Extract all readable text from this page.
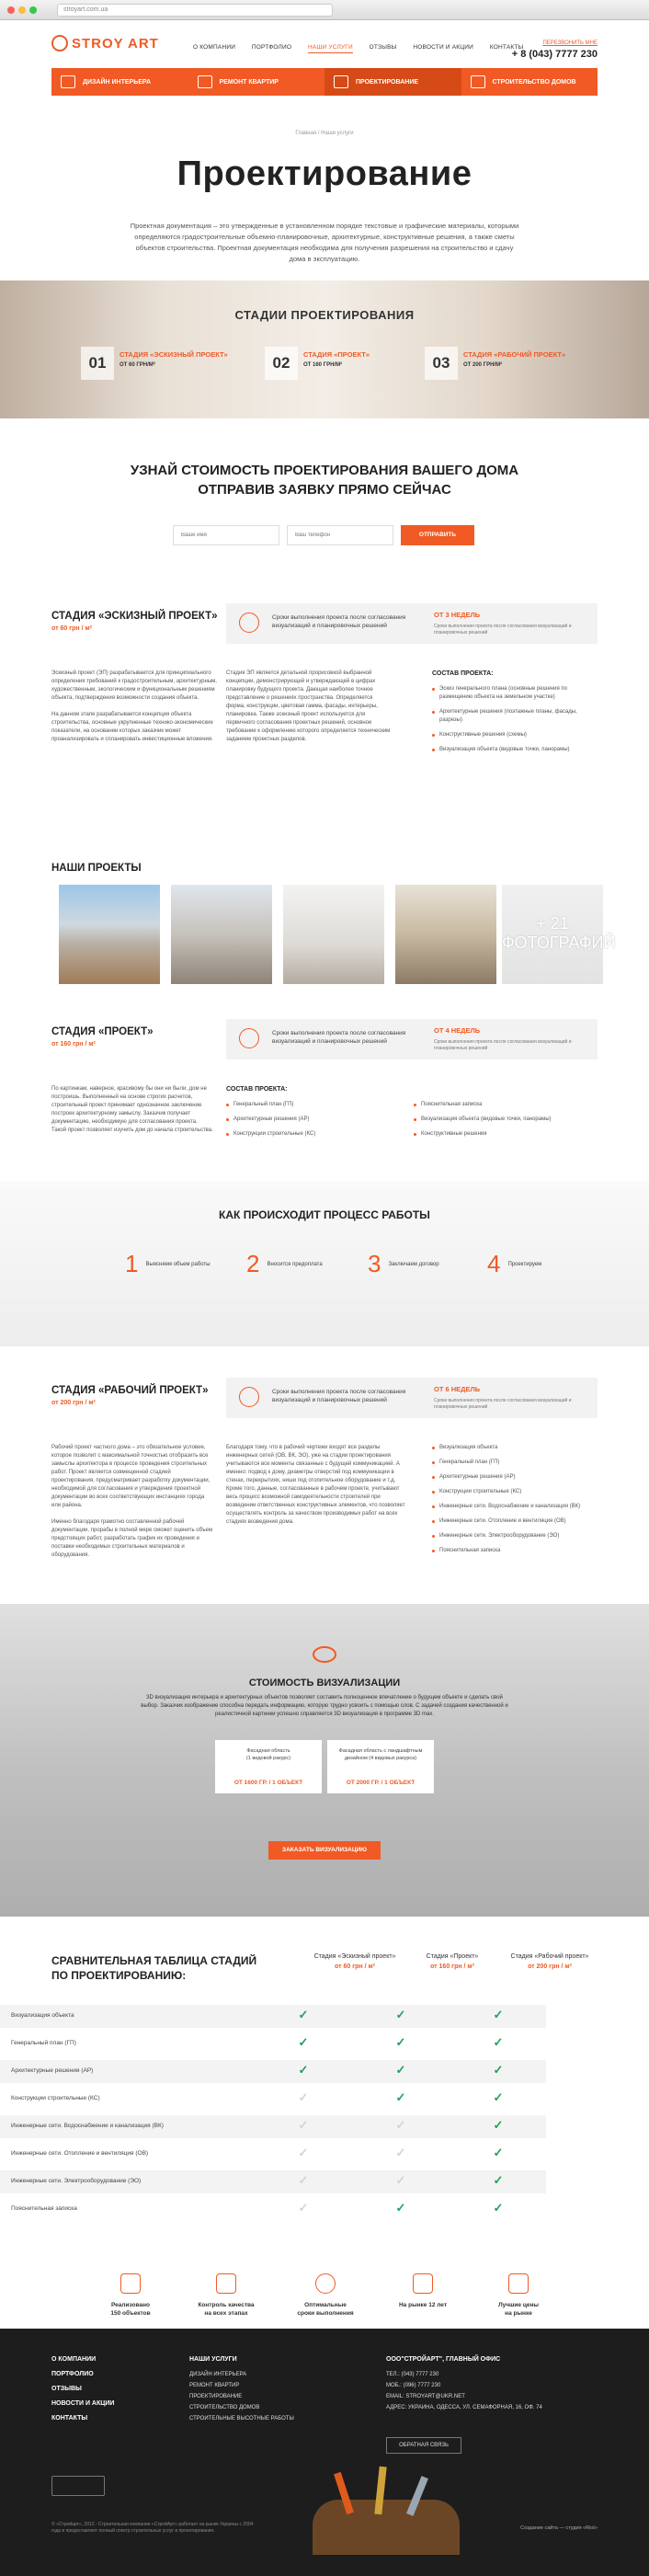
stroyart.com.ua
STROY ART	О КОМПАНИИ	ПОРТФОЛИО	НАШИ УСЛУГИ	ОТЗЫВЫ	НОВОСТИ И АКЦИИ	КОНТАКТЫ
ПЕРЕЗВОНИТЬ МНЕ
+ 8 (043) 7777 230
ДИЗАЙН ИНТЕРЬЕРА	РЕМОНТ КВАРТИР	ПРОЕКТИРОВАНИЕ	СТРОИТЕЛЬСТВО ДОМОВ
Главная / Наши услуги
Проектирование
Проектная документация – это утвержденные в установленном порядке текстовые и графические материалы, которыми определяются градостроительные объемно-планировочные, архитектурные, конструктивные решения, а также сметы объектов строительства. Проектная документация необходима для получения разрешения на строительство и сдачу дома в эксплуатацию.
СТАДИИ ПРОЕКТИРОВАНИЯ
01	СТАДИЯ «ЭСКИЗНЫЙ ПРОЕКТ»
ОТ 60 ГРН/М²	02	СТАДИЯ «ПРОЕКТ»
ОТ 160 ГРН/М²	03	СТАДИЯ «РАБОЧИЙ ПРОЕКТ»
ОТ 200 ГРН/М²
УЗНАЙ СТОИМОСТЬ ПРОЕКТИРОВАНИЯ ВАШЕГО ДОМА
ОТПРАВИВ ЗАЯВКУ ПРЯМО СЕЙЧАС
Ваше имя
Ваш телефон
ОТПРАВИТЬ
СТАДИЯ «ЭСКИЗНЫЙ ПРОЕКТ»
от 60 грн / м²
Сроки выполнения проекта после согласования визуализаций и планировочных решений
ОТ 3 НЕДЕЛЬ
Сроки выполнения проекта после согласования визуализаций и планировочных решений

Эскизный проект (ЭП) разрабатывается для принципиального определения требований к градостроительным, архитектурным, художественным, экологическим и функциональным решениям объекта, подтверждения возможности создания объекта.

На данном этапе разрабатывается концепция объекта строительства, основные укрупненные технико-экономические показатели, на основании которых заказчик может проанализировать и спланировать инвестиционные вложения.

Стадия ЭП является детальной прорисовкой выбранной концепции, демонстрирующей и утверждающей в цифрах планировку будущего проекта. Дающая наиболее точное представление о решениях пространства. Определяется форма, конструкции, цветовая гамма, фасады, интерьеры, планировка. Также эскизный проект используется для первичного согласования проектных решений, основное требование к оформлению которого определяется техническим заданием проектных разделов.

СОСТАВ ПРОЕКТА:
Эскиз генерального плана (основные решения по размещению объекта на земельном участке)
Архитектурные решения (поэтажные планы, фасады, разрезы)
Конструктивные решения (схемы)
Визуализация объекта (видовые точки, панорамы)
НАШИ ПРОЕКТЫ
+ 21
ФОТОГРАФИЙ
СТАДИЯ «ПРОЕКТ»
от 160 грн / м²
Сроки выполнения проекта после согласования визуализаций и планировочных решений
ОТ 4 НЕДЕЛЬ
Сроки выполнения проекта после согласования визуализаций и планировочных решений

По картинкам, наверное, красивому бы они ни были, дом не построишь. Выполненный на основе строгих расчетов, строительный проект принимает однозначное заключение построек архитектурному замыслу. Заказчик получает документацию, необходимую для согласования проекта. Такой проект позволяет изучить дом до начала строительства.

СОСТАВ ПРОЕКТА:
Генеральный план (ГП)
Архитектурные решения (АР)
Конструкции строительные (КС)
Пояснительная записка
Визуализация объекта (видовые точки, панорамы)
Конструктивные решения
КАК ПРОИСХОДИТ ПРОЦЕСС РАБОТЫ
1 Выясняем объем работы	2 Вносится предоплата	3 Заключаем договор	4 Проектируем
СТАДИЯ «РАБОЧИЙ ПРОЕКТ»
от 200 грн / м²
Сроки выполнения проекта после согласования визуализаций и планировочных решений
ОТ 6 НЕДЕЛЬ
Сроки выполнения проекта после согласования визуализаций и планировочных решений

Рабочий проект частного дома – это обязательное условие, которое позволит с максимальной точностью отобразить все замыслы архитектора в процессе проведения строительных работ. Проект является совмещенной стадией проектирования, предусматривает разработку документации, необходимой для согласования и утверждения проектной документации во всех соответствующих инстанциях города или района.

Именно благодаря грамотно составленной рабочей документации, прорабы в полной мере сможет оценить объем предстоящих работ, разработать график их проведения и поставки необходимых строительных материалов и оборудования.

Благодаря тому, что в рабочий чертежи входят все разделы инженерных сетей (ОВ, ВК, ЭО), уже на стадии проектирования учитываются все моменты связанные с будущей коммуникацией. А именно: подвод к дому, диаметры отверстий под коммуникации в стенах, перекрытиях, ниши под отопительное оборудование и т.д. Кроме того, данные, согласованные в рабочем проекте, учитывают весь процесс возможной самодеятельности строителей при возведении ответственных конструктивных элементов, что позволяет осуществлять контроль за качеством производимых работ на всех стадиях возведения дома.

Визуализация объекта
Генеральный план (ГП)
Архитектурные решения (АР)
Конструкции строительные (КС)
Инженерные сети. Водоснабжение и канализация (ВК)
Инженерные сети. Отопление и вентиляция (ОВ)
Инженерные сети. Электрооборудование (ЭО)
Пояснительная записка
СТОИМОСТЬ ВИЗУАЛИЗАЦИИ
3D визуализация интерьера и архитектурных объектов позволяет составить полноценное впечатление о будущем объекте и сделать свой выбор. Заказчик изображение способна передать информацию, которую трудно усвоить с помощью слов. С задачей создания качественной и реалистичной картинки успешно справляется 3D визуализация в программе 3D max.
Фасадная область
(1 видовой ракурс)
ОТ 1600 ГР. / 1 ОБЪЕКТ
Фасадная область с ландшафтным
дизайном (4 видовых ракурса)
ОТ 2000 ГР. / 1 ОБЪЕКТ
ЗАКАЗАТЬ ВИЗУАЛИЗАЦИЮ
СРАВНИТЕЛЬНАЯ ТАБЛИЦА СТАДИЙ ПО ПРОЕКТИРОВАНИЮ:
Стадия «Эскизный проект»
от 60 грн / м²
Стадия «Проект»
от 160 грн / м²
Стадия «Рабочий проект»
от 200 грн / м²
Визуализация объекта	✓	✓	✓
Генеральный план (ГП)	✓	✓	✓
Архитектурные решения (АР)	✓	✓	✓
Конструкции строительные (КС)	✓	✓	✓
Инженерные сети. Водоснабжение и канализация (ВК)	✓	✓	✓
Инженерные сети. Отопление и вентиляция (ОВ)	✓	✓	✓
Инженерные сети. Электрооборудование (ЭО)	✓	✓	✓
Пояснительная записка	✓	✓	✓
Реализовано
150 объектов
Контроль качества
на всех этапах
Оптимальные
сроки выполнения
На рынке 12 лет	Лучшие цены
на рынке
О КОМПАНИИ
ПОРТФОЛИО
ОТЗЫВЫ
НОВОСТИ И АКЦИИ
КОНТАКТЫ
НАШИ УСЛУГИ
ДИЗАЙН ИНТЕРЬЕРА
РЕМОНТ КВАРТИР
ПРОЕКТИРОВАНИЕ
СТРОИТЕЛЬСТВО ДОМОВ
СТРОИТЕЛЬНЫЕ ВЫСОТНЫЕ РАБОТЫ
ООО"СТРОЙАРТ", ГЛАВНЫЙ ОФИС
ТЕЛ.: (043) 7777 230
МОБ.: (096) 7777 230
EMAIL: STROYART@UKR.NET
АДРЕС: УКРАИНА, ОДЕССА, УЛ. СЕМАФОРНАЯ, 16, ОФ. 74
ОБРАТНАЯ СВЯЗЬ
© «Стройарт», 2012 - Строительная компания «СтройАрт» работает на рынке Украины с 2004 года и предоставляет полный спектр строительных услуг и проектирования.	Создание сайта — студия «Riot»
